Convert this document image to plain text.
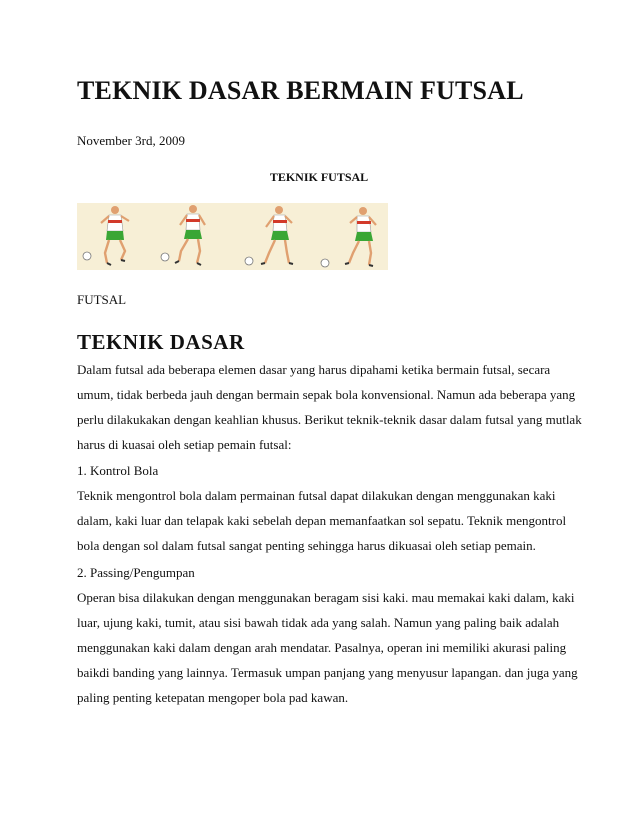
TEKNIK DASAR BERMAIN FUTSAL
November 3rd, 2009
TEKNIK FUTSAL
FUTSAL
TEKNIK DASAR
Dalam futsal ada beberapa elemen dasar yang harus dipahami ketika bermain futsal, secara
umum, tidak berbeda jauh dengan bermain sepak bola konvensional. Namun ada beberapa yang
perlu dilakukakan dengan keahlian khusus. Berikut teknik-teknik dasar dalam futsal yang mutlak
harus di kuasai oleh setiap pemain futsal:
1. Kontrol Bola
Teknik mengontrol bola dalam permainan futsal dapat dilakukan dengan menggunakan kaki
dalam, kaki luar dan telapak kaki sebelah depan memanfaatkan sol sepatu. Teknik mengontrol
bola dengan sol dalam futsal sangat penting sehingga harus dikuasai oleh setiap pemain.
2. Passing/Pengumpan
Operan bisa dilakukan dengan menggunakan beragam sisi kaki. mau memakai kaki dalam, kaki
luar, ujung kaki, tumit, atau sisi bawah tidak ada yang salah. Namun yang paling baik adalah
menggunakan kaki dalam dengan arah mendatar. Pasalnya, operan ini memiliki akurasi paling
baikdi banding yang lainnya. Termasuk umpan panjang yang menyusur lapangan. dan juga yang
paling penting ketepatan mengoper bola pad kawan.
